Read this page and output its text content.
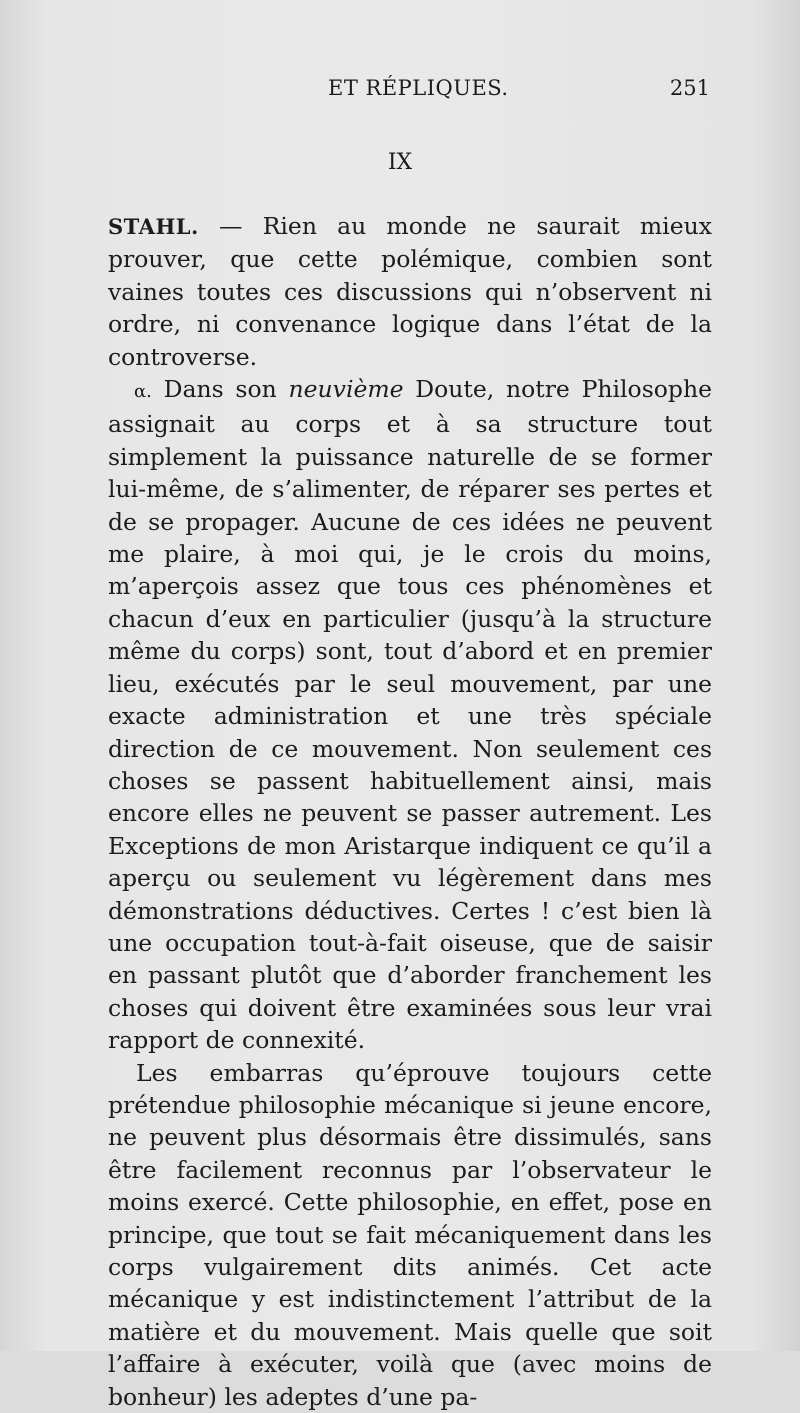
ET RÉPLIQUES.	251
IX

STAHL. — Rien au monde ne saurait mieux prouver, que cette polémique, combien sont vaines toutes ces discussions qui n’observent ni ordre, ni convenance logique dans l’état de la controverse.

α. Dans son neuvième Doute, notre Philosophe assignait au corps et à sa structure tout simplement la puissance naturelle de se former lui-même, de s’alimenter, de réparer ses pertes et de se propager. Aucune de ces idées ne peuvent me plaire, à moi qui, je le crois du moins, m’aperçois assez que tous ces phénomènes et chacun d’eux en particulier (jusqu’à la structure même du corps) sont, tout d’abord et en premier lieu, exécutés par le seul mouvement, par une exacte administration et une très spéciale direction de ce mouvement. Non seulement ces choses se passent habituellement ainsi, mais encore elles ne peuvent se passer autrement. Les Exceptions de mon Aristarque indiquent ce qu’il a aperçu ou seulement vu légèrement dans mes démonstrations déductives. Certes ! c’est bien là une occupation tout-à-fait oiseuse, que de saisir en passant plutôt que d’aborder franchement les choses qui doivent être examinées sous leur vrai rapport de connexité.

Les embarras qu’éprouve toujours cette prétendue philosophie mécanique si jeune encore, ne peuvent plus désormais être dissimulés, sans être facilement reconnus par l’observateur le moins exercé. Cette philosophie, en effet, pose en principe, que tout se fait mécaniquement dans les corps vulgairement dits animés. Cet acte mécanique y est indistinctement l’attribut de la matière et du mouvement. Mais quelle que soit l’affaire à exécuter, voilà que (avec moins de bonheur) les adeptes d’une pa-
